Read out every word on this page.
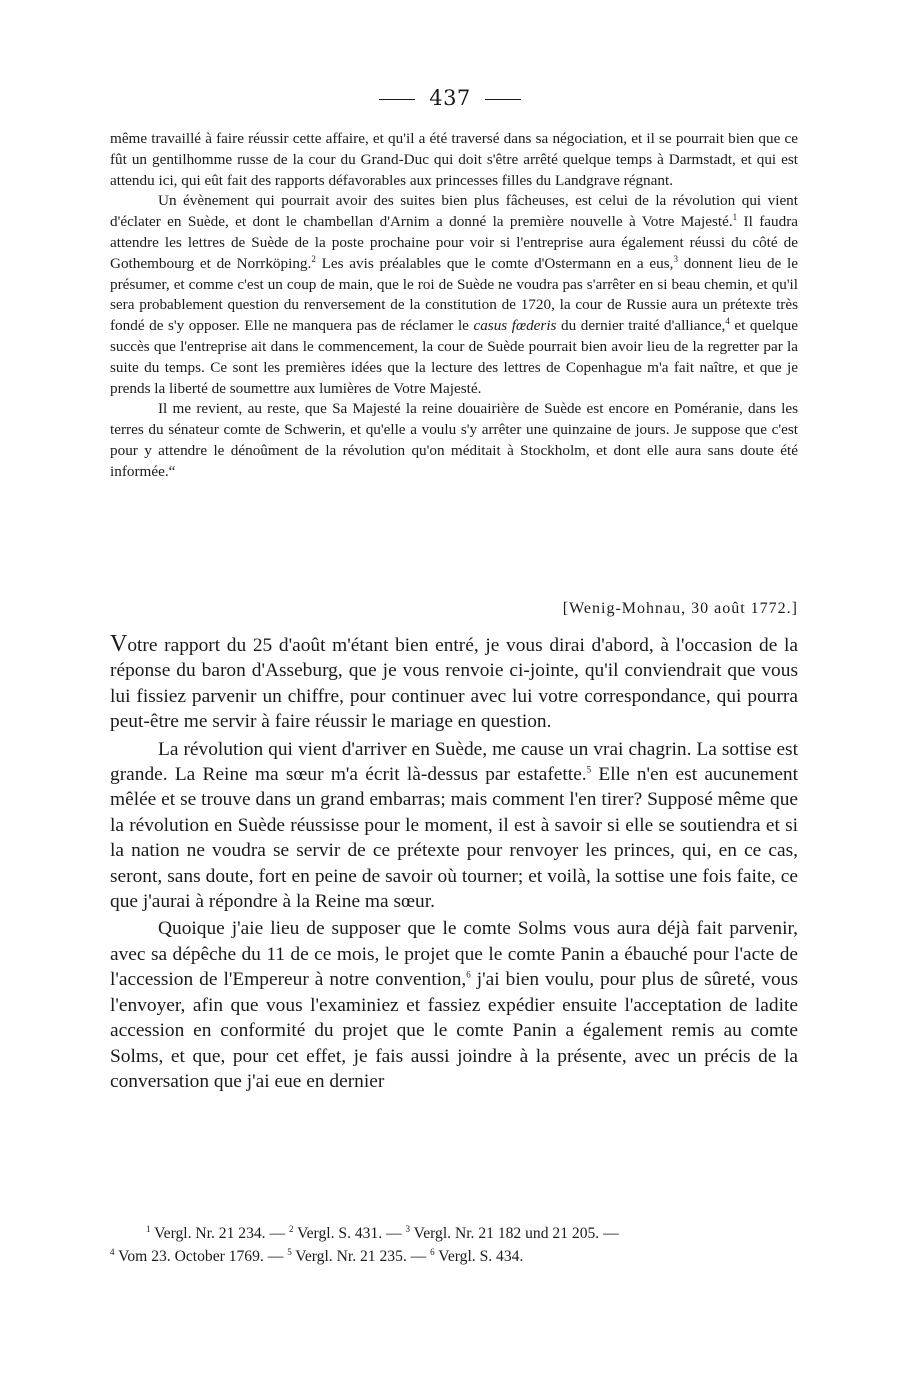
437

même travaillé à faire réussir cette affaire, et qu'il a été traversé dans sa négociation, et il se pourrait bien que ce fût un gentilhomme russe de la cour du Grand-Duc qui doit s'être arrêté quelque temps à Darmstadt, et qui est attendu ici, qui eût fait des rapports défavorables aux princesses filles du Landgrave régnant.

Un évènement qui pourrait avoir des suites bien plus fâcheuses, est celui de la révolution qui vient d'éclater en Suède, et dont le chambellan d'Arnim a donné la première nouvelle à Votre Majesté.$^1$ Il faudra attendre les lettres de Suède de la poste prochaine pour voir si l'entreprise aura également réussi du côté de Gothembourg et de Norrköping.$^2$ Les avis préalables que le comte d'Ostermann en a eus,$^3$ donnent lieu de le présumer, et comme c'est un coup de main, que le roi de Suède ne voudra pas s'arrêter en si beau chemin, et qu'il sera probablement question du renversement de la constitution de 1720, la cour de Russie aura un prétexte très fondé de s'y opposer. Elle ne manquera pas de réclamer le casus fœderis du dernier traité d'alliance,$^4$ et quelque succès que l'entreprise ait dans le commencement, la cour de Suède pourrait bien avoir lieu de la regretter par la suite du temps. Ce sont les premières idées que la lecture des lettres de Copenhague m'a fait naître, et que je prends la liberté de soumettre aux lumières de Votre Majesté.

Il me revient, au reste, que Sa Majesté la reine douairière de Suède est encore en Poméranie, dans les terres du sénateur comte de Schwerin, et qu'elle a voulu s'y arrêter une quinzaine de jours. Je suppose que c'est pour y attendre le dénoûment de la révolution qu'on méditait à Stockholm, et dont elle aura sans doute été informée.“

[Wenig-Mohnau, 30 août 1772.]

Votre rapport du 25 d'août m'étant bien entré, je vous dirai d'abord, à l'occasion de la réponse du baron d'Asseburg, que je vous renvoie ci-jointe, qu'il conviendrait que vous lui fissiez parvenir un chiffre, pour continuer avec lui votre correspondance, qui pourra peut-être me servir à faire réussir le mariage en question.

La révolution qui vient d'arriver en Suède, me cause un vrai chagrin. La sottise est grande. La Reine ma sœur m'a écrit là-dessus par estafette.$^5$ Elle n'en est aucunement mêlée et se trouve dans un grand embarras; mais comment l'en tirer? Supposé même que la révolution en Suède réussisse pour le moment, il est à savoir si elle se soutiendra et si la nation ne voudra se servir de ce prétexte pour renvoyer les princes, qui, en ce cas, seront, sans doute, fort en peine de savoir où tourner; et voilà, la sottise une fois faite, ce que j'aurai à répondre à la Reine ma sœur.

Quoique j'aie lieu de supposer que le comte Solms vous aura déjà fait parvenir, avec sa dépêche du 11 de ce mois, le projet que le comte Panin a ébauché pour l'acte de l'accession de l'Empereur à notre convention,$^6$ j'ai bien voulu, pour plus de sûreté, vous l'envoyer, afin que vous l'examiniez et fassiez expédier ensuite l'acceptation de ladite accession en conformité du projet que le comte Panin a également remis au comte Solms, et que, pour cet effet, je fais aussi joindre à la présente, avec un précis de la conversation que j'ai eue en dernier

$^1$ Vergl. Nr. 21 234. — $^2$ Vergl. S. 431. — $^3$ Vergl. Nr. 21 182 und 21 205. —

$^4$ Vom 23. October 1769. — $^5$ Vergl. Nr. 21 235. — $^6$ Vergl. S. 434.
